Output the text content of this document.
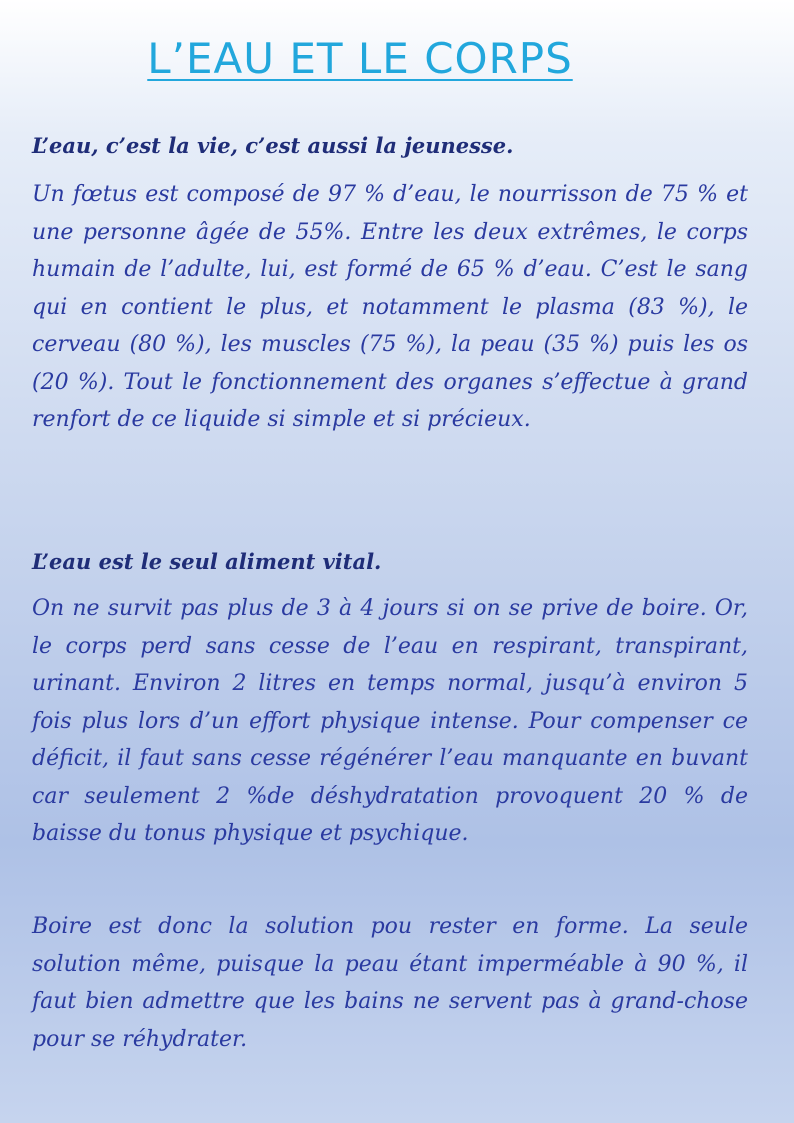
L’EAU ET LE CORPS
L’eau, c’est la vie, c’est aussi la jeunesse.

Un fœtus est composé de 97 % d’eau, le nourrisson de 75 % et une personne âgée de 55%. Entre les deux extrêmes, le corps humain de l’adulte, lui, est formé de 65 % d’eau. C’est le sang qui en contient le plus, et notamment le plasma (83 %), le cerveau (80 %), les muscles (75 %), la peau (35 %) puis les os (20 %). Tout le fonctionnement des organes s’effectue à grand renfort de ce liquide si simple et si précieux.

L’eau est le seul aliment vital.

On ne survit pas plus de 3 à 4 jours si on se prive de boire. Or, le corps perd sans cesse de l’eau en respirant, transpirant, urinant. Environ 2 litres en temps normal, jusqu’à environ 5 fois plus lors d’un effort physique intense. Pour compenser ce déficit, il faut sans cesse régénérer l’eau manquante en buvant car seulement 2 %de déshydratation provoquent 20 % de baisse du tonus physique et psychique.

Boire est donc la solution pou rester en forme. La seule solution même, puisque la peau étant imperméable à 90 %, il faut bien admettre que les bains ne servent pas à grand-chose pour se réhydrater.
